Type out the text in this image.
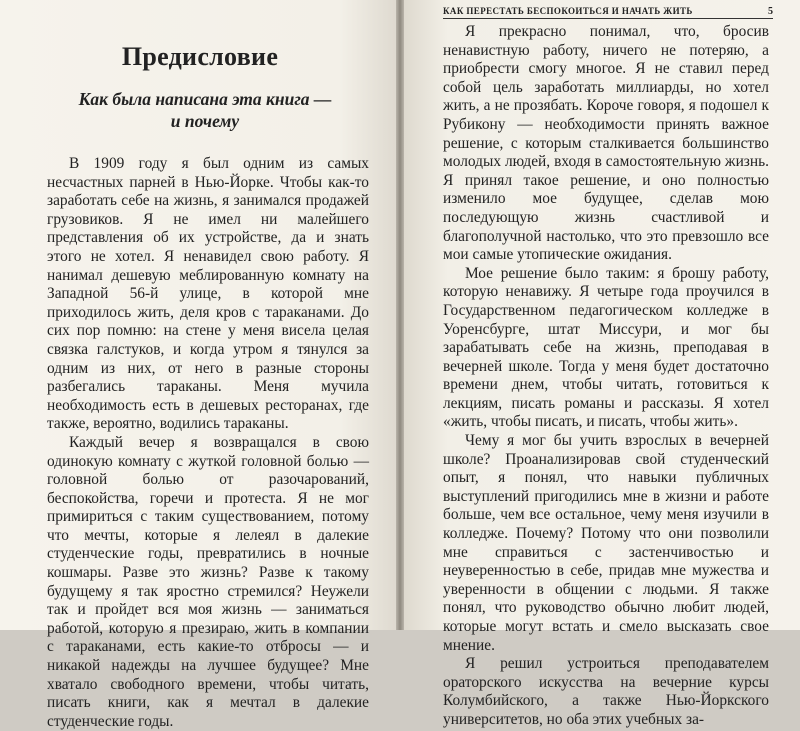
Предисловие
Как была написана эта книга —
и почему

В 1909 году я был одним из самых несчастных парней в Нью-Йорке. Чтобы как-то заработать себе на жизнь, я занимался продажей грузовиков. Я не имел ни малейшего представления об их устройстве, да и знать этого не хотел. Я ненавидел свою работу. Я нанимал дешевую меблированную комнату на Западной 56-й улице, в которой мне приходилось жить, деля кров с тараканами. До сих пор помню: на стене у меня висела целая связка галстуков, и когда утром я тянулся за одним из них, от него в разные стороны разбегались тараканы. Меня мучила необходимость есть в дешевых ресторанах, где также, вероятно, водились тараканы.

Каждый вечер я возвращался в свою одинокую комнату с жуткой головной болью — головной болью от разочарований, беспокойства, горечи и протеста. Я не мог примириться с таким существованием, потому что мечты, которые я лелеял в далекие студенческие годы, превратились в ночные кошмары. Разве это жизнь? Разве к такому будущему я так яростно стремился? Неужели так и пройдет вся моя жизнь — заниматься работой, которую я презираю, жить в компании с тараканами, есть какие-то отбросы — и никакой надежды на лучшее будущее? Мне хватало свободного времени, чтобы читать, писать книги, как я мечтал в далекие студенческие годы.

КАК ПЕРЕСТАТЬ БЕСПОКОИТЬСЯ И НАЧАТЬ ЖИТЬ	5

Я прекрасно понимал, что, бросив ненавистную работу, ничего не потеряю, а приобрести смогу многое. Я не ставил перед собой цель заработать миллиарды, но хотел жить, а не прозябать. Короче говоря, я подошел к Рубикону — необходимости принять важное решение, с которым сталкивается большинство молодых людей, входя в самостоятельную жизнь. Я принял такое решение, и оно полностью изменило мое будущее, сделав мою последующую жизнь счастливой и благополучной настолько, что это превзошло все мои самые утопические ожидания.

Мое решение было таким: я брошу работу, которую ненавижу. Я четыре года проучился в Государственном педагогическом колледже в Уоренсбурге, штат Миссури, и мог бы зарабатывать себе на жизнь, преподавая в вечерней школе. Тогда у меня будет достаточно времени днем, чтобы читать, готовиться к лекциям, писать романы и рассказы. Я хотел «жить, чтобы писать, и писать, чтобы жить».

Чему я мог бы учить взрослых в вечерней школе? Проанализировав свой студенческий опыт, я понял, что навыки публичных выступлений пригодились мне в жизни и работе больше, чем все остальное, чему меня изучили в колледже. Почему? Потому что они позволили мне справиться с застенчивостью и неуверенностью в себе, придав мне мужества и уверенности в общении с людьми. Я также понял, что руководство обычно любит людей, которые могут встать и смело высказать свое мнение.

Я решил устроиться преподавателем ораторского искусства на вечерние курсы Колумбийского, а также Нью-Йоркского университетов, но оба этих учебных за-
